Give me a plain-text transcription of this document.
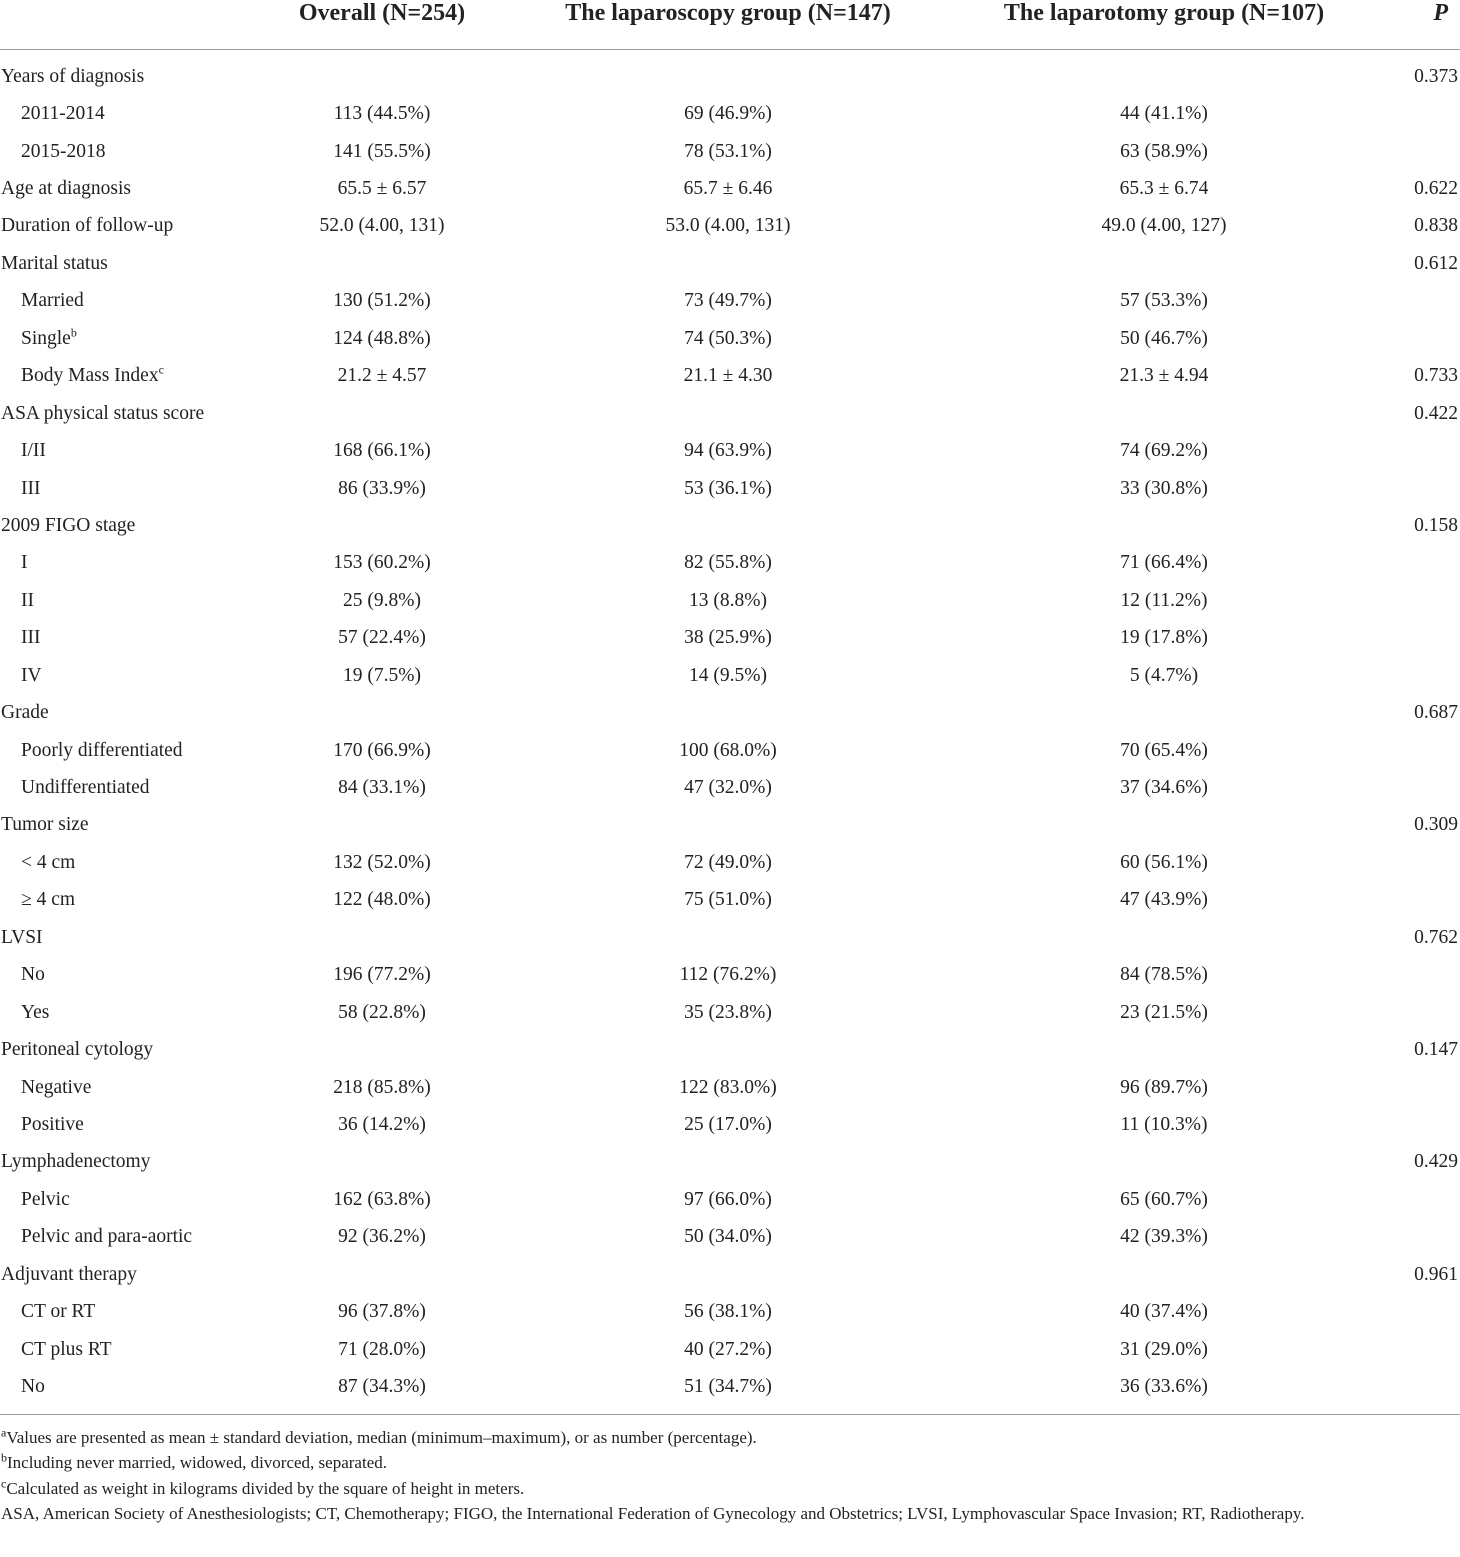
	Overall (N=254)	The laparoscopy group (N=147)	The laparotomy group (N=107)	P
Years of diagnosis				0.373
2011-2014	113 (44.5%)	69 (46.9%)	44 (41.1%)	
2015-2018	141 (55.5%)	78 (53.1%)	63 (58.9%)	
Age at diagnosis	65.5 ± 6.57	65.7 ± 6.46	65.3 ± 6.74	0.622
Duration of follow-up	52.0 (4.00, 131)	53.0 (4.00, 131)	49.0 (4.00, 127)	0.838
Marital status				0.612
Married	130 (51.2%)	73 (49.7%)	57 (53.3%)	
Single$^b$	124 (48.8%)	74 (50.3%)	50 (46.7%)	
Body Mass Index$^c$	21.2 ± 4.57	21.1 ± 4.30	21.3 ± 4.94	0.733
ASA physical status score				0.422
I/II	168 (66.1%)	94 (63.9%)	74 (69.2%)	
III	86 (33.9%)	53 (36.1%)	33 (30.8%)	
2009 FIGO stage				0.158
I	153 (60.2%)	82 (55.8%)	71 (66.4%)	
II	25 (9.8%)	13 (8.8%)	12 (11.2%)	
III	57 (22.4%)	38 (25.9%)	19 (17.8%)	
IV	19 (7.5%)	14 (9.5%)	5 (4.7%)	
Grade				0.687
Poorly differentiated	170 (66.9%)	100 (68.0%)	70 (65.4%)	
Undifferentiated	84 (33.1%)	47 (32.0%)	37 (34.6%)	
Tumor size				0.309
< 4 cm	132 (52.0%)	72 (49.0%)	60 (56.1%)	
≥ 4 cm	122 (48.0%)	75 (51.0%)	47 (43.9%)	
LVSI				0.762
No	196 (77.2%)	112 (76.2%)	84 (78.5%)	
Yes	58 (22.8%)	35 (23.8%)	23 (21.5%)	
Peritoneal cytology				0.147
Negative	218 (85.8%)	122 (83.0%)	96 (89.7%)	
Positive	36 (14.2%)	25 (17.0%)	11 (10.3%)	
Lymphadenectomy				0.429
Pelvic	162 (63.8%)	97 (66.0%)	65 (60.7%)	
Pelvic and para-aortic	92 (36.2%)	50 (34.0%)	42 (39.3%)	
Adjuvant therapy				0.961
CT or RT	96 (37.8%)	56 (38.1%)	40 (37.4%)	
CT plus RT	71 (28.0%)	40 (27.2%)	31 (29.0%)	
No	87 (34.3%)	51 (34.7%)	36 (33.6%)	

$^a$Values are presented as mean ± standard deviation, median (minimum–maximum), or as number (percentage).

$^b$Including never married, widowed, divorced, separated.

$^c$Calculated as weight in kilograms divided by the square of height in meters.

ASA, American Society of Anesthesiologists; CT, Chemotherapy; FIGO, the International Federation of Gynecology and Obstetrics; LVSI, Lymphovascular Space Invasion; RT, Radiotherapy.
